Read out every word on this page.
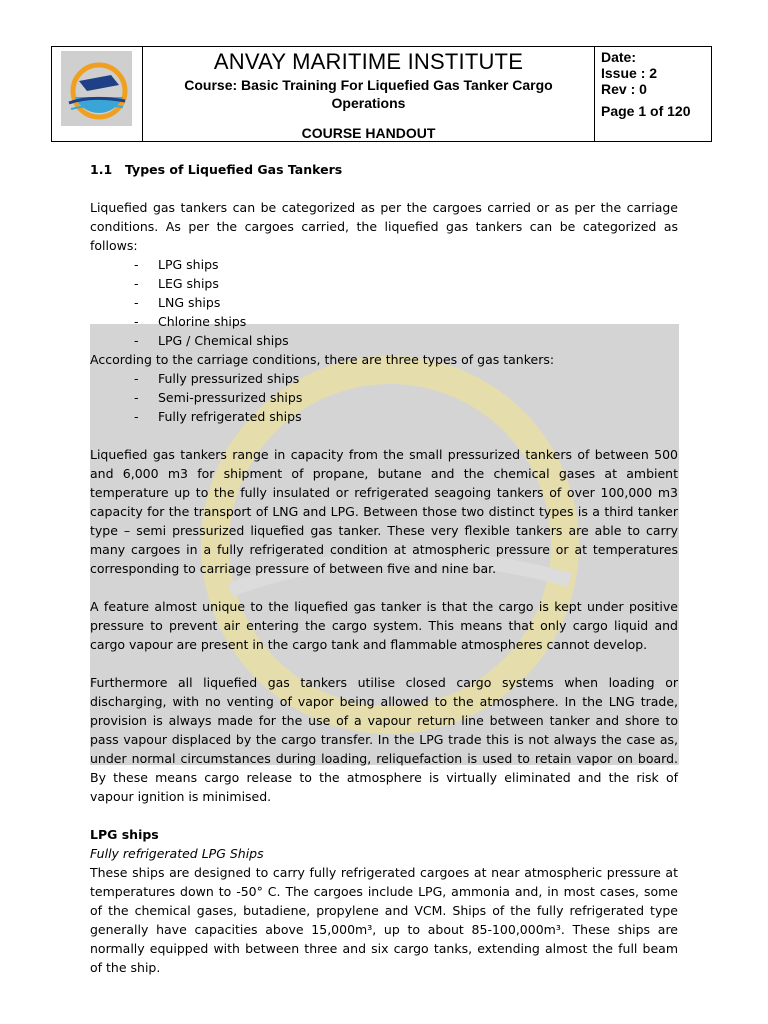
ANVAY MARITIME INSTITUTE
Course: Basic Training For Liquefied Gas Tanker Cargo Operations
COURSE HANDOUT
Date:
Issue : 2
Rev : 0
Page 1 of 120
1.1 Types of Liquefied Gas Tankers

Liquefied gas tankers can be categorized as per the cargoes carried or as per the carriage conditions. As per the cargoes carried, the liquefied gas tankers can be categorized as follows:

- LPG ships
- LEG ships
- LNG ships
- Chlorine ships
- LPG / Chemical ships

According to the carriage conditions, there are three types of gas tankers:

- Fully pressurized ships
- Semi-pressurized ships
- Fully refrigerated ships

Liquefied gas tankers range in capacity from the small pressurized tankers of between 500 and 6,000 m3 for shipment of propane, butane and the chemical gases at ambient temperature up to the fully insulated or refrigerated seagoing tankers of over 100,000 m3 capacity for the transport of LNG and LPG. Between those two distinct types is a third tanker type – semi pressurized liquefied gas tanker. These very flexible tankers are able to carry many cargoes in a fully refrigerated condition at atmospheric pressure or at temperatures corresponding to carriage pressure of between five and nine bar.

A feature almost unique to the liquefied gas tanker is that the cargo is kept under positive pressure to prevent air entering the cargo system. This means that only cargo liquid and cargo vapour are present in the cargo tank and flammable atmospheres cannot develop.

Furthermore all liquefied gas tankers utilise closed cargo systems when loading or discharging, with no venting of vapor being allowed to the atmosphere. In the LNG trade, provision is always made for the use of a vapour return line between tanker and shore to pass vapour displaced by the cargo transfer. In the LPG trade this is not always the case as, under normal circumstances during loading, reliquefaction is used to retain vapor on board. By these means cargo release to the atmosphere is virtually eliminated and the risk of vapour ignition is minimised.

LPG ships

Fully refrigerated LPG Ships

These ships are designed to carry fully refrigerated cargoes at near atmospheric pressure at temperatures down to -50° C. The cargoes include LPG, ammonia and, in most cases, some of the chemical gases, butadiene, propylene and VCM. Ships of the fully refrigerated type generally have capacities above 15,000m³, up to about 85-100,000m³. These ships are normally equipped with between three and six cargo tanks, extending almost the full beam of the ship.
